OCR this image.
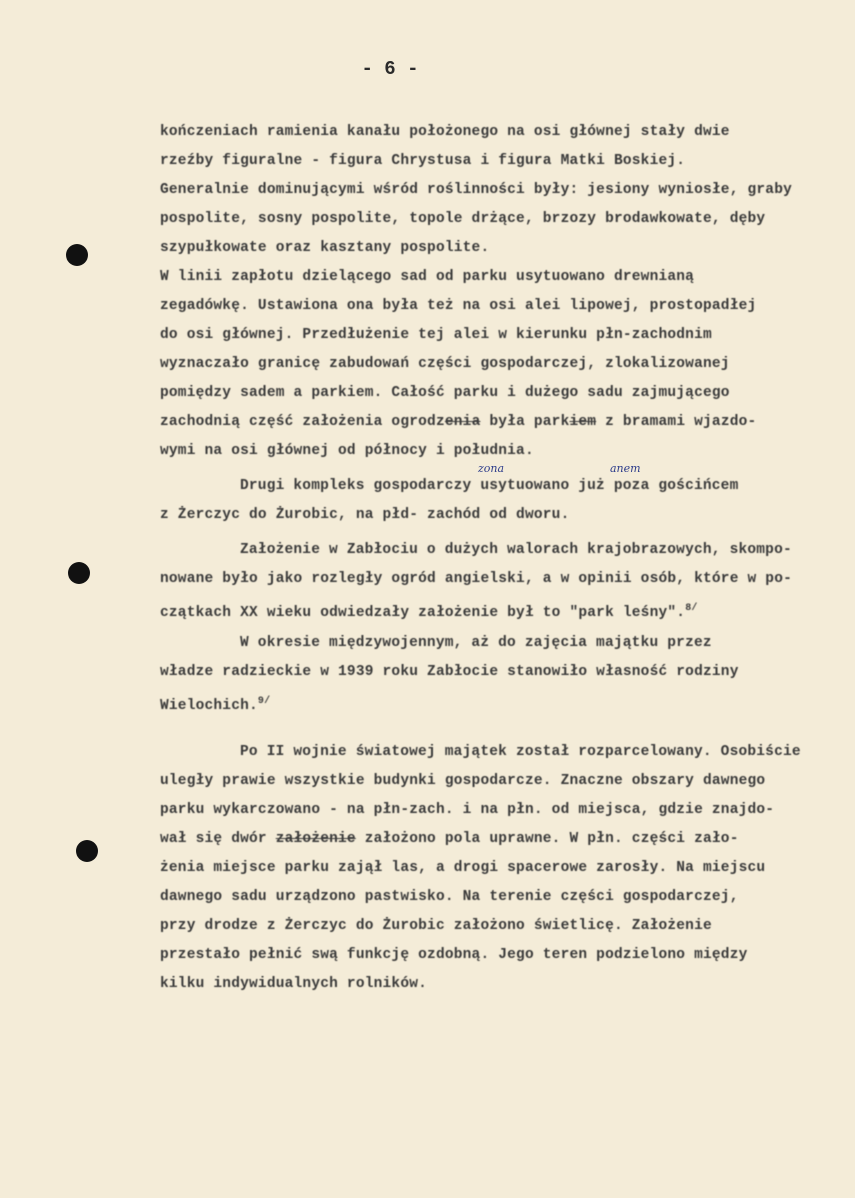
- 6 -
zona	anem
kończeniach ramienia kanału położonego na osi głównej stały dwie
rzeźby figuralne - figura Chrystusa i figura Matki Boskiej.
Generalnie dominującymi wśród roślinności były: jesiony wyniosłe, graby
pospolite, sosny pospolite, topole drżące, brzozy brodawkowate, dęby
szypułkowate oraz kasztany pospolite.
W linii zapłotu dzielącego sad od parku usytuowano drewnianą
zegadówkę. Ustawiona ona była też na osi alei lipowej, prostopadłej
do osi głównej. Przedłużenie tej alei w kierunku płn-zachodnim
wyznaczało granicę zabudowań części gospodarczej, zlokalizowanej
pomiędzy sadem a parkiem. Całość parku i dużego sadu zajmującego
zachodnią część założenia ogrodzenia była parkiem z bramami wjazdo-
wymi na osi głównej od północy i południa.
Drugi kompleks gospodarczy usytuowano już poza gościńcem
z Żerczyc do Żurobic, na płd- zachód od dworu.
Założenie w Zabłociu o dużych walorach krajobrazowych, skompo-
nowane było jako rozległy ogród angielski, a w opinii osób, które w po-
czątkach XX wieku odwiedzały założenie był to "park leśny".$^{8/}$
W okresie międzywojennym, aż do zajęcia majątku przez
władze radzieckie w 1939 roku Zabłocie stanowiło własność rodziny
Wielochich.$^{9/}$
Po II wojnie światowej majątek został rozparcelowany. Osobiście
uległy prawie wszystkie budynki gospodarcze. Znaczne obszary dawnego
parku wykarczowano - na płn-zach. i na płn. od miejsca, gdzie znajdo-
wał się dwór założenie założono pola uprawne. W płn. części zało-
żenia miejsce parku zajął las, a drogi spacerowe zarosły. Na miejscu
dawnego sadu urządzono pastwisko. Na terenie części gospodarczej,
przy drodze z Żerczyc do Żurobic założono świetlicę. Założenie
przestało pełnić swą funkcję ozdobną. Jego teren podzielono między
kilku indywidualnych rolników.
